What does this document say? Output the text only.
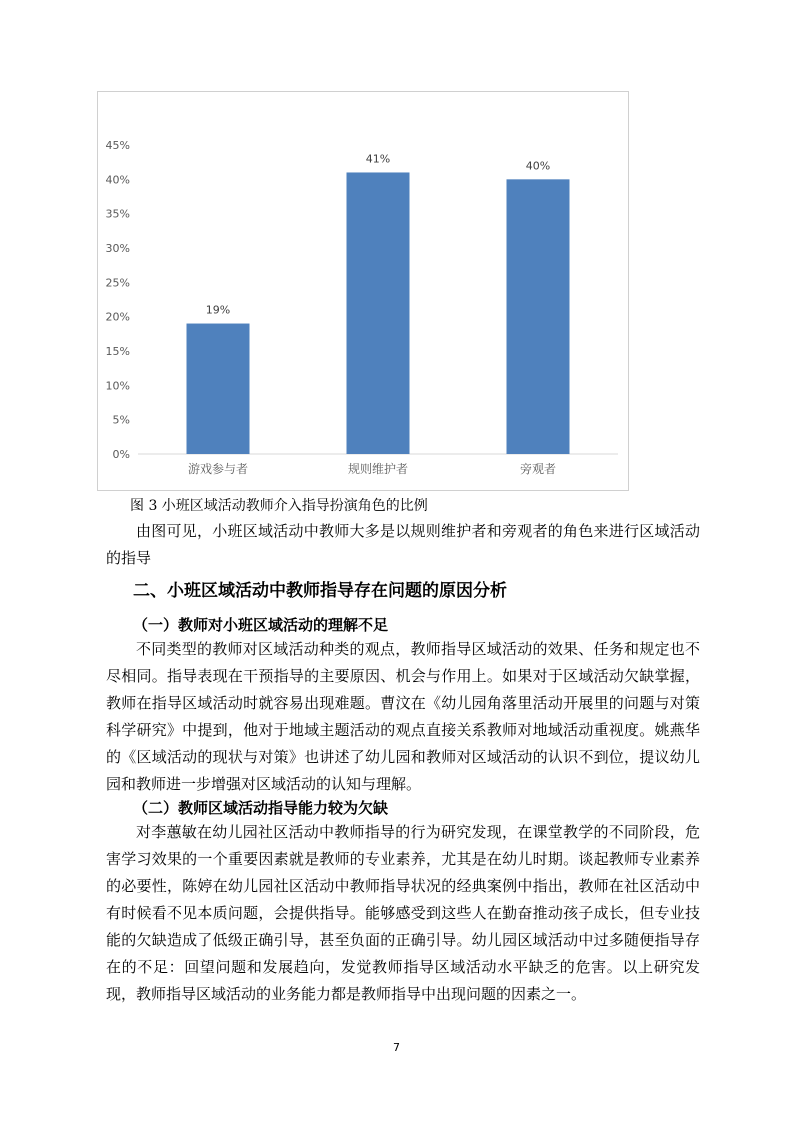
0%
5%
10%
15%
20%
25%
30%
35%
40%
45%
19%
游戏参与者
41%
规则维护者
40%
旁观者
图 3 小班区域活动教师介入指导扮演角色的比例

由图可见，小班区域活动中教师大多是以规则维护者和旁观者的角色来进行区域活动的指导

二、小班区域活动中教师指导存在问题的原因分析
（一）教师对小班区域活动的理解不足

不同类型的教师对区域活动种类的观点，教师指导区域活动的效果、任务和规定也不尽相同。指导表现在干预指导的主要原因、机会与作用上。如果对于区域活动欠缺掌握，教师在指导区域活动时就容易出现难题。曹汶在《幼儿园角落里活动开展里的问题与对策科学研究》中提到，他对于地域主题活动的观点直接关系教师对地域活动重视度。姚燕华的《区域活动的现状与对策》也讲述了幼儿园和教师对区域活动的认识不到位，提议幼儿园和教师进一步增强对区域活动的认知与理解。

（二）教师区域活动指导能力较为欠缺

对李蕙敏在幼儿园社区活动中教师指导的行为研究发现，在课堂教学的不同阶段，危害学习效果的一个重要因素就是教师的专业素养，尤其是在幼儿时期。谈起教师专业素养的必要性，陈婷在幼儿园社区活动中教师指导状况的经典案例中指出，教师在社区活动中有时候看不见本质问题，会提供指导。能够感受到这些人在勤奋推动孩子成长，但专业技能的欠缺造成了低级正确引导，甚至负面的正确引导。幼儿园区域活动中过多随便指导存在的不足：回望问题和发展趋向，发觉教师指导区域活动水平缺乏的危害。以上研究发现，教师指导区域活动的业务能力都是教师指导中出现问题的因素之一。

7
